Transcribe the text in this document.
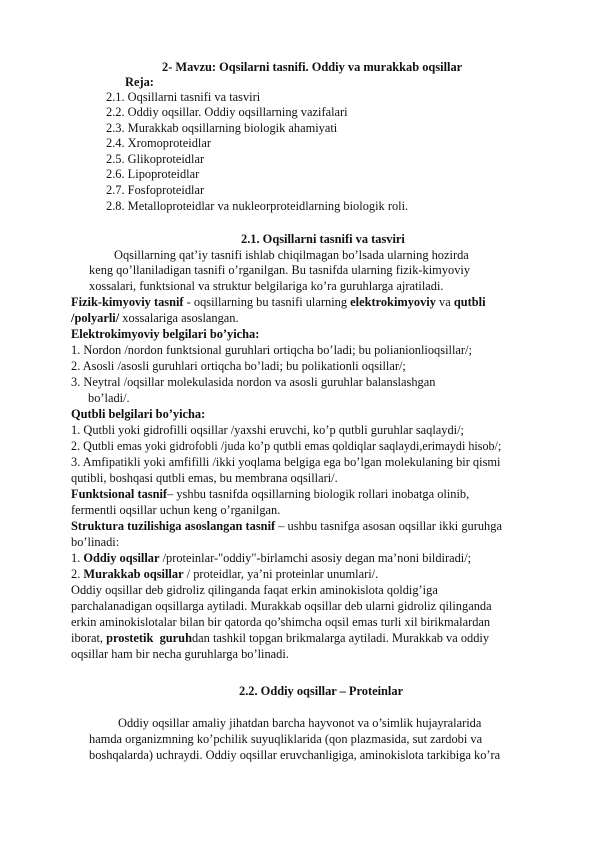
2- Mavzu: Oqsilarni tasnifi. Oddiy va murakkab oqsillar
Reja:
2.1. Oqsillarni tasnifi va tasviri
2.2. Oddiy oqsillar. Oddiy oqsillarning vazifalari
2.3. Murakkab oqsillarning biologik ahamiyati
2.4. Xromoproteidlar
2.5. Glikoproteidlar
2.6. Lipoproteidlar
2.7. Fosfoproteidlar
2.8. Metalloproteidlar va nukleorproteidlarning biologik roli.
2.1. Oqsillarni tasnifi va tasviri
Oqsillarning qat’iy tasnifi ishlab chiqilmagan bo’lsada ularning hozirda
keng qo’llaniladigan tasnifi o’rganilgan. Bu tasnifda ularning fizik-kimyoviy
xossalari, funktsional va struktur belgilariga ko’ra guruhlarga ajratiladi.
Fizik-kimyoviy tasnif - oqsillarning bu tasnifi ularning elektrokimyoviy va qutbli
/polyarli/ xossalariga asoslangan.
Elektrokimyoviy belgilari bo’yicha:
1. Nordon /nordon funktsional guruhlari ortiqcha bo’ladi; bu polianionlioqsillar/;
2. Asosli /asosli guruhlari ortiqcha bo’ladi; bu polikationli oqsillar/;
3. Neytral /oqsillar molekulasida nordon va asosli guruhlar balanslashgan
bo’ladi/.
Qutbli belgilari bo’yicha:
1. Qutbli yoki gidrofilli oqsillar /yaxshi eruvchi, ko’p qutbli guruhlar saqlaydi/;
2. Qutbli emas yoki gidrofobli /juda ko’p qutbli emas qoldiqlar saqlaydi,erimaydi hisob/;
3. Amfipatikli yoki amfifilli /ikki yoqlama belgiga ega bo’lgan molekulaning bir qismi
qutibli, boshqasi qutbli emas, bu membrana oqsillari/.
Funktsional tasnif– yshbu tasnifda oqsillarning biologik rollari inobatga olinib,
fermentli oqsillar uchun keng o’rganilgan.
Struktura tuzilishiga asoslangan tasnif – ushbu tasnifga asosan oqsillar ikki guruhga
bo’linadi:
1. Oddiy oqsillar /proteinlar-"oddiy"-birlamchi asosiy degan ma’noni bildiradi/;
2. Murakkab oqsillar / proteidlar, ya’ni proteinlar unumlari/.
Oddiy oqsillar deb gidroliz qilinganda faqat erkin aminokislota qoldig’iga
parchalanadigan oqsillarga aytiladi. Murakkab oqsillar deb ularni gidroliz qilinganda
erkin aminokislotalar bilan bir qatorda qo’shimcha oqsil emas turli xil birikmalardan
iborat, prostetik guruhdan tashkil topgan brikmalarga aytiladi. Murakkab va oddiy
oqsillar ham bir necha guruhlarga bo’linadi.
2.2. Oddiy oqsillar – Proteinlar
Oddiy oqsillar amaliy jihatdan barcha hayvonot va o’simlik hujayralarida
hamda organizmning ko’pchilik suyuqliklarida (qon plazmasida, sut zardobi va
boshqalarda) uchraydi. Oddiy oqsillar eruvchanligiga, aminokislota tarkibiga ko’ra
